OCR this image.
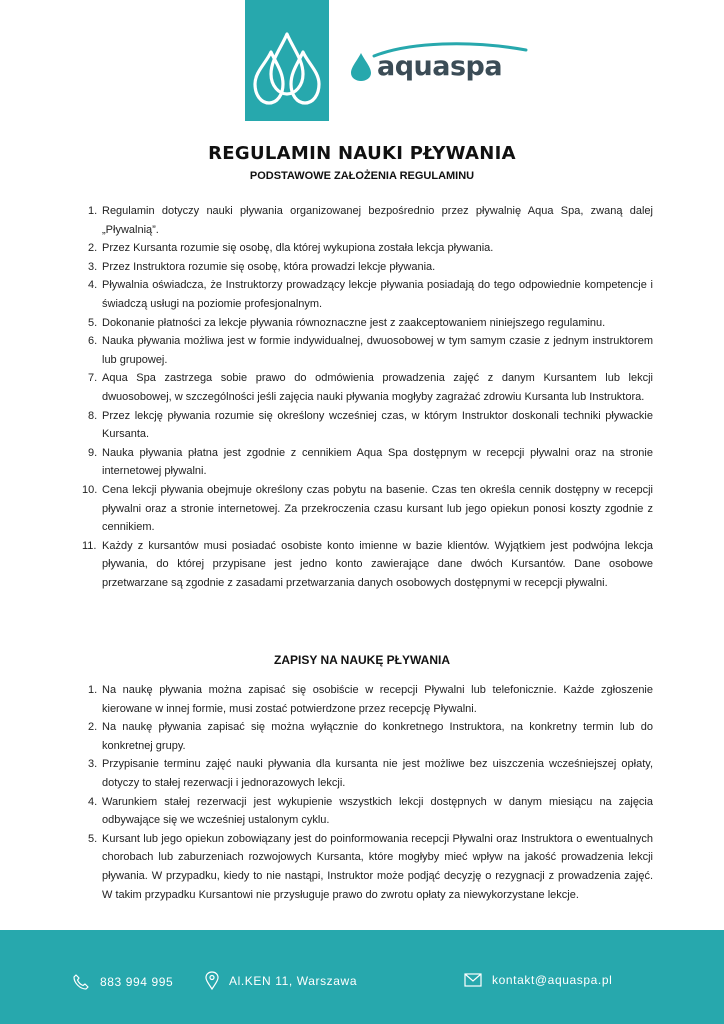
aquaspa
REGULAMIN NAUKI PŁYWANIA
PODSTAWOWE ZAŁOŻENIA REGULAMINU
1. Regulamin dotyczy nauki pływania organizowanej bezpośrednio przez pływalnię Aqua Spa, zwaną dalej „Pływalnią”.
2. Przez Kursanta rozumie się osobę, dla której wykupiona została lekcja pływania.
3. Przez Instruktora rozumie się osobę, która prowadzi lekcje pływania.
4. Pływalnia oświadcza, że Instruktorzy prowadzący lekcje pływania posiadają do tego odpowiednie kompetencje i świadczą usługi na poziomie profesjonalnym.
5. Dokonanie płatności za lekcje pływania równoznaczne jest z zaakceptowaniem niniejszego regulaminu.
6. Nauka pływania możliwa jest w formie indywidualnej, dwuosobowej w tym samym czasie z jednym instruktorem lub grupowej.
7. Aqua Spa zastrzega sobie prawo do odmówienia prowadzenia zajęć z danym Kursantem lub lekcji dwuosobowej, w szczególności jeśli zajęcia nauki pływania mogłyby zagrażać zdrowiu Kursanta lub Instruktora.
8. Przez lekcję pływania rozumie się określony wcześniej czas, w którym Instruktor doskonali techniki pływackie Kursanta.
9. Nauka pływania płatna jest zgodnie z cennikiem Aqua Spa dostępnym w recepcji pływalni oraz na stronie internetowej pływalni.
10. Cena lekcji pływania obejmuje określony czas pobytu na basenie. Czas ten określa cennik dostępny w recepcji pływalni oraz a stronie internetowej. Za przekroczenia czasu kursant lub jego opiekun ponosi koszty zgodnie z cennikiem.
11. Każdy z kursantów musi posiadać osobiste konto imienne w bazie klientów. Wyjątkiem jest podwójna lekcja pływania, do której przypisane jest jedno konto zawierające dane dwóch Kursantów. Dane osobowe przetwarzane są zgodnie z zasadami przetwarzania danych osobowych dostępnymi w recepcji pływalni.
ZAPISY NA NAUKĘ PŁYWANIA
1. Na naukę pływania można zapisać się osobiście w recepcji Pływalni lub telefonicznie. Każde zgłoszenie kierowane w innej formie, musi zostać potwierdzone przez recepcję Pływalni.
2. Na naukę pływania zapisać się można wyłącznie do konkretnego Instruktora, na konkretny termin lub do konkretnej grupy.
3. Przypisanie terminu zajęć nauki pływania dla kursanta nie jest możliwe bez uiszczenia wcześniejszej opłaty, dotyczy to stałej rezerwacji i jednorazowych lekcji.
4. Warunkiem stałej rezerwacji jest wykupienie wszystkich lekcji dostępnych w danym miesiącu na zajęcia odbywające się we wcześniej ustalonym cyklu.
5. Kursant lub jego opiekun zobowiązany jest do poinformowania recepcji Pływalni oraz Instruktora o ewentualnych chorobach lub zaburzeniach rozwojowych Kursanta, które mogłyby mieć wpływ na jakość prowadzenia lekcji pływania. W przypadku, kiedy to nie nastąpi, Instruktor może podjąć decyzję o rezygnacji z prowadzenia zajęć. W takim przypadku Kursantowi nie przysługuje prawo do zwrotu opłaty za niewykorzystane lekcje.
883 994 995	Al.KEN 11, Warszawa	kontakt@aquaspa.pl
